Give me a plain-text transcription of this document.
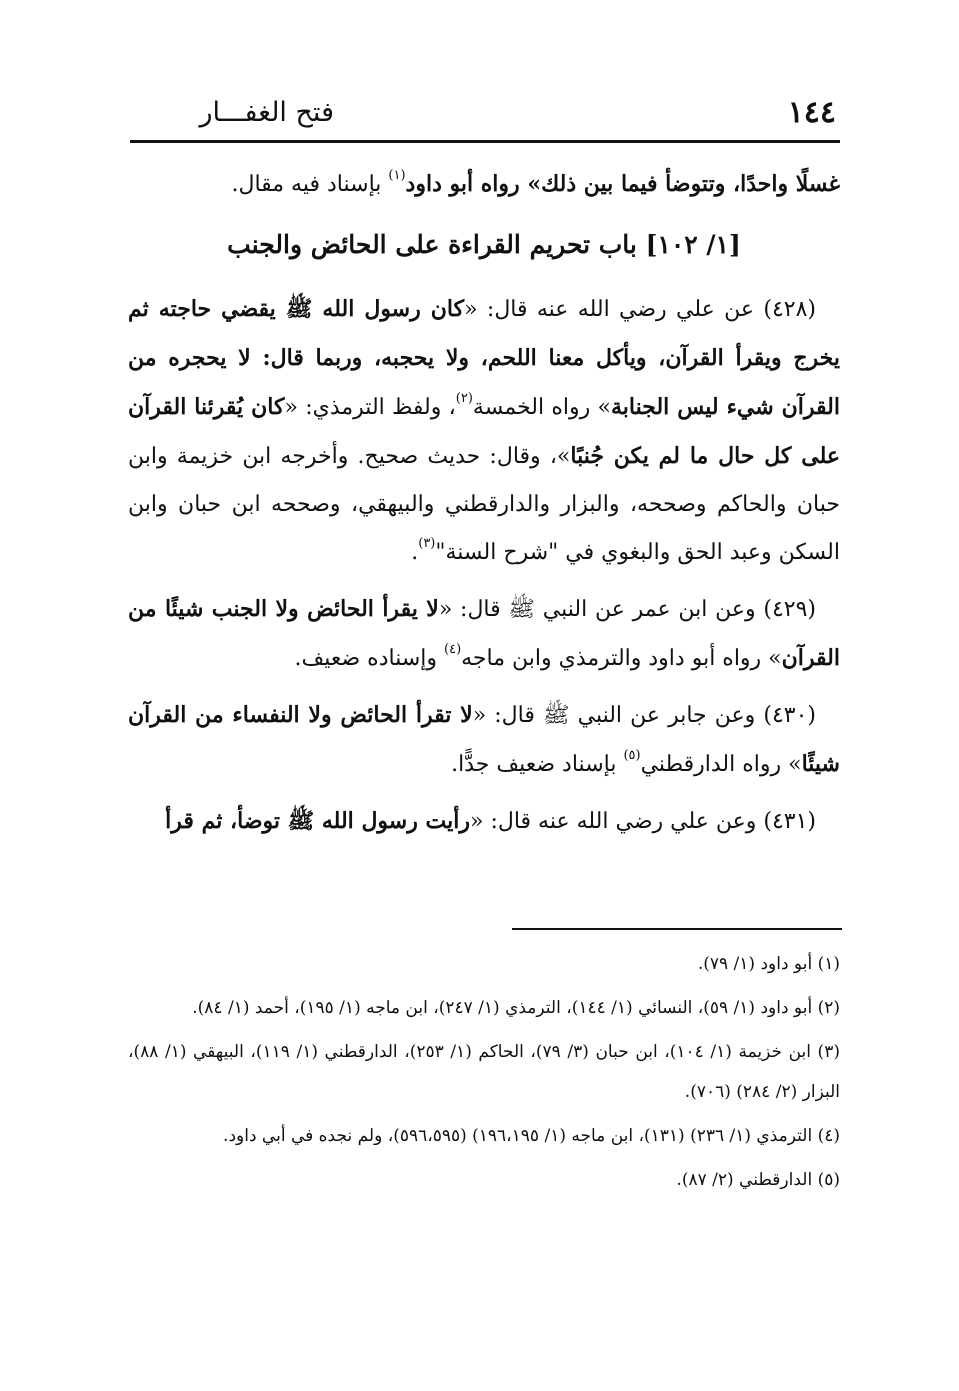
١٤٤
فتح الغفـــار

غسلًا واحدًا، وتتوضأ فيما بين ذلك» رواه أبو داود$^{(١)}$ بإسناد فيه مقال.

[١/ ١٠٢] باب تحريم القراءة على الحائض والجنب

(٤٢٨) عن علي رضي الله عنه قال: «كان رسول الله ﷺ يقضي حاجته ثم يخرج ويقرأ القرآن، ويأكل معنا اللحم، ولا يحجبه، وربما قال: لا يحجره من القرآن شيء ليس الجنابة» رواه الخمسة$^{(٢)}$، ولفظ الترمذي: «كان يُقرئنا القرآن على كل حال ما لم يكن جُنبًا»، وقال: حديث صحيح. وأخرجه ابن خزيمة وابن حبان والحاكم وصححه، والبزار والدارقطني والبيهقي، وصححه ابن حبان وابن السكن وعبد الحق والبغوي في "شرح السنة"$^{(٣)}$.

(٤٢٩) وعن ابن عمر عن النبي ﷺ قال: «لا يقرأ الحائض ولا الجنب شيئًا من القرآن» رواه أبو داود والترمذي وابن ماجه$^{(٤)}$ وإسناده ضعيف.

(٤٣٠) وعن جابر عن النبي ﷺ قال: «لا تقرأ الحائض ولا النفساء من القرآن شيئًا» رواه الدارقطني$^{(٥)}$ بإسناد ضعيف جدًّا.

(٤٣١) وعن علي رضي الله عنه قال: «رأيت رسول الله ﷺ توضأ، ثم قرأ

(١) أبو داود (١/ ٧٩).

(٢) أبو داود (١/ ٥٩)، النسائي (١/ ١٤٤)، الترمذي (١/ ٢٤٧)، ابن ماجه (١/ ١٩٥)، أحمد (١/ ٨٤).

(٣) ابن خزيمة (١/ ١٠٤)، ابن حبان (٣/ ٧٩)، الحاكم (١/ ٢٥٣)، الدارقطني (١/ ١١٩)، البيهقي (١/ ٨٨)، البزار (٢/ ٢٨٤) (٧٠٦).

(٤) الترمذي (١/ ٢٣٦) (١٣١)، ابن ماجه (١/ ١٩٦،١٩٥) (٥٩٦،٥٩٥)، ولم نجده في أبي داود.

(٥) الدارقطني (٢/ ٨٧).
